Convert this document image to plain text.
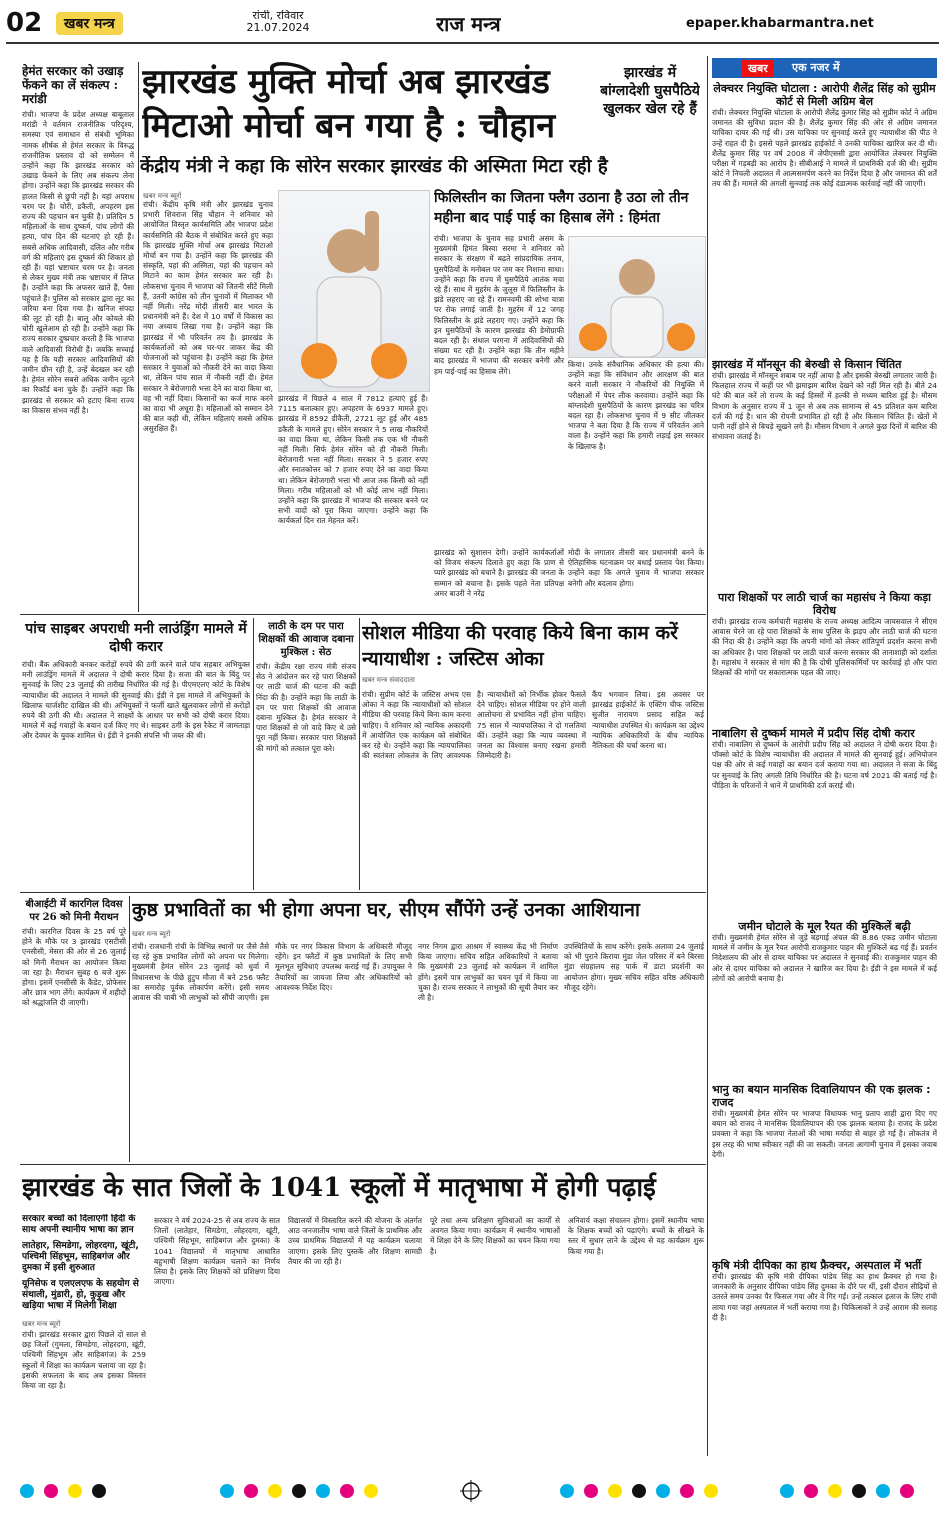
02	खबर मन्त्र
रांची, रविवार
21.07.2024	राज मन्त्र	epaper.khabarmantra.net
हेमंत सरकार को उखाड़ फेंकने का लें संकल्प : मरांडी
रांची। भाजपा के प्रदेश अध्यक्ष बाबूलाल मरांडी ने वर्तमान राजनीतिक परिदृश्य, समस्या एवं समाधान से संबंधी भूमिका नामक शीर्षक से हेमंत सरकार के विरुद्ध राजनीतिक प्रस्ताव दो को सम्मेलन में उन्होंने कहा कि झारखंड सरकार को उखाड़ फेंकने के लिए अब संकल्प लेना होगा। उन्होंने कहा कि झारखंड सरकार की हालत किसी से छुपी नहीं है। यहां अपराध चरम पर है। चोरी, डकैती, अपहरण इस राज्य की पहचान बन चुकी है। प्रतिदिन 5 महिलाओं के साथ दुष्कर्म, पांच लोगों की हत्या, पांच दिन की घटनाएं हो रही हैं। सबसे अधिक आदिवासी, दलित और गरीब वर्ग की महिलाएं इस दुष्कर्म की शिकार हो रही हैं। यहां भ्रष्टाचार चरम पर है। जनता से लेकर मुख्य मंत्री तक भ्रष्टाचार में लिप्त हैं। उन्होंने कहा कि अफसर खाते हैं, पैसा पहुंचाते हैं। पुलिस को सरकार द्वारा लूट का जरिया बना दिया गया है। खनिज संपदा की लूट हो रही है। बालू और कोयले की चोरी खुलेआम हो रही है। उन्होंने कहा कि राज्य सरकार दुष्प्रचार करती है कि भाजपा वाले आदिवासी विरोधी हैं। जबकि सच्चाई यह है कि यही सरकार आदिवासियों की जमीन छीन रही है, उन्हें बेदखल कर रही है। हेमंत सोरेन सबसे अधिक जमीन लूटने का रिकॉर्ड बना चुके हैं। उन्होंने कहा कि झारखंड से सरकार को हटाए बिना राज्य का विकास संभव नहीं है।
झारखंड मुक्ति मोर्चा अब झारखंड मिटाओ मोर्चा बन गया है : चौहान
झारखंड में बांग्लादेशी घुसपैठिये खुलकर खेल रहे हैं
केंद्रीय मंत्री ने कहा कि सोरेन सरकार झारखंड की अस्मिता मिटा रही है
खबर मन्त्र ब्यूरो
रांची। केंद्रीय कृषि मंत्री और झारखंड चुनाव प्रभारी शिवराज सिंह चौहान ने शनिवार को आयोजित विस्तृत कार्यसमिति और भाजपा प्रदेश कार्यसमिति की बैठक में संबोधित करते हुए कहा कि झारखंड मुक्ति मोर्चा अब झारखंड मिटाओ मोर्चा बन गया है। उन्होंने कहा कि झारखंड की संस्कृति, यहां की अस्मिता, यहां की पहचान को मिटाने का काम हेमंत सरकार कर रही है। लोकसभा चुनाव में भाजपा को जितनी सीटें मिली हैं, उतनी कांग्रेस को तीन चुनावों में मिलाकर भी नहीं मिली। नरेंद्र मोदी तीसरी बार भारत के प्रधानमंत्री बने हैं। देश में 10 वर्षों में विकास का नया अध्याय लिखा गया है। उन्होंने कहा कि झारखंड में भी परिवर्तन तय है। झारखंड के कार्यकर्ताओं को अब घर-घर जाकर केंद्र की योजनाओं को पहुंचाना है। उन्होंने कहा कि हेमंत सरकार ने युवाओं को नौकरी देने का वादा किया था, लेकिन पांच साल में नौकरी नहीं दी। हेमंत सरकार ने बेरोजगारी भत्ता देने का वादा किया था, वह भी नहीं दिया। किसानों का कर्ज माफ करने का वादा भी अधूरा है। महिलाओं को सम्मान देने की बात कही थी, लेकिन महिलाएं सबसे अधिक असुरक्षित हैं।
झारखंड में पिछले 4 साल में 7812 हत्याएं हुई हैं। 7115 बलात्कार हुए। अपहरण के 6937 मामले हुए। झारखंड में 8592 डीकैती, 2721 लूट हुई और 485 डकैती के मामले हुए। सोरेन सरकार ने 5 लाख नौकरियों का वादा किया था, लेकिन किसी तक एक भी नौकरी नहीं मिली। सिर्फ हेमंत सोरेन को ही नौकरी मिली। बेरोजगारी भत्ता नहीं मिला। सरकार ने 5 हजार रुपए और स्नातकोत्तर को 7 हजार रुपए देने का वादा किया था। लेकिन बेरोजगारी भत्ता भी आज तक किसी को नहीं मिला। गरीब महिलाओं को भी कोई लाभ नहीं मिला। उन्होंने कहा कि झारखंड में भाजपा की सरकार बनने पर सभी वादों को पूरा किया जाएगा। उन्होंने कहा कि कार्यकर्ता दिन रात मेहनत करें।
फिलिस्तीन का जितना फ्लैग उठाना है उठा लो तीन महीना बाद पाई पाई का हिसाब लेंगे : हिमंता
रांची। भाजपा के चुनाव सह प्रभारी असम के मुख्यमंत्री हिमंत बिस्वा सरमा ने शनिवार को सरकार के संरक्षण में बढ़ते सांप्रदायिक तनाव, घुसपैठियों के मनोबल पर जम कर निशाना साधा। उन्होंने कहा कि राज्य में घुसपैठिये आतंक मचा रहे हैं। साथ में मुहर्रम के जुलूस में फिलिस्तीन के झंडे लहराए जा रहे हैं। रामनवमी की शोभा यात्रा पर रोक लगाई जाती है। मुहर्रम में 12 जगह फिलिस्तीन के झंडे लहराए गए। उन्होंने कहा कि इन घुसपैठियों के कारण झारखंड की डेमोग्राफी बदल रही है। संथाल परगना में आदिवासियों की संख्या घट रही है। उन्होंने कहा कि तीन महीने बाद झारखंड में भाजपा की सरकार बनेगी और हम पाई-पाई का हिसाब लेंगे।
किया। उनके संवैधानिक अधिकार की हत्या की। उन्होंने कहा कि संविधान और आरक्षण की बात करने वाली सरकार ने नौकरियों की नियुक्ति में परीक्षाओं में पेपर लीक करवाया। उन्होंने कहा कि बांग्लादेशी घुसपैठियों के कारण झारखंड का चरित्र बदल रहा है। लोकसभा चुनाव में 9 सीट जीतकर भाजपा ने बता दिया है कि राज्य में परिवर्तन आने वाला है। उन्होंने कहा कि हमारी लड़ाई इस सरकार के खिलाफ है।
झारखंड को सुशासन देगी। उन्होंने कार्यकर्ताओं को विजय संकल्प दिलाते हुए कहा कि प्राण से प्यारे झारखंड को बचाने है। झारखंड की जनता के सम्मान को बचाना है। इसके पहले नेता प्रतिपक्ष अमर बाउरी ने नरेंद्र
मोदी के लगातार तीसरी बार प्रधानमंत्री बनने के ऐतिहासिक घटनाक्रम पर बधाई प्रस्ताव पेश किया। उन्होंने कहा कि अगले चुनाव में भाजपा सरकार बनेगी और बदलाव होगा।
खबर	एक नजर में
लेक्चरर नियुक्ति घोटाला : आरोपी शैलेंद्र सिंह को सुप्रीम कोर्ट से मिली अग्रिम बेल
रांची। लेक्चरर नियुक्ति घोटाला के आरोपी शैलेंद्र कुमार सिंह को सुप्रीम कोर्ट ने अग्रिम जमानत की सुविधा प्रदान की है। शैलेंद्र कुमार सिंह की ओर से अग्रिम जमानत याचिका दायर की गई थी। उस याचिका पर सुनवाई करते हुए न्यायाधीश की पीठ ने उन्हें राहत दी है। इससे पहले झारखंड हाईकोर्ट ने उनकी याचिका खारिज कर दी थी। शैलेंद्र कुमार सिंह पर वर्ष 2008 में जेपीएससी द्वारा आयोजित लेक्चरर नियुक्ति परीक्षा में गड़बड़ी का आरोप है। सीबीआई ने मामले में प्राथमिकी दर्ज की थी। सुप्रीम कोर्ट ने निचली अदालत में आत्मसमर्पण करने का निर्देश दिया है और जमानत की शर्तें तय की हैं। मामले की अगली सुनवाई तक कोई दंडात्मक कार्रवाई नहीं की जाएगी।
झारखंड में मॉनसून की बेरुखी से किसान चिंतित
रांची। झारखंड में मॉनसून शबाब पर नहीं आया है और इसकी बेरुखी लगातार जारी है। फिलहाल राज्य में कहीं पर भी झमाझम बारिश देखने को नहीं मिल रही है। बीते 24 घंटे की बात करें तो राज्य के कई हिस्सों में हल्की से मध्यम बारिश हुई है। मौसम विभाग के अनुसार राज्य में 1 जून से अब तक सामान्य से 45 प्रतिशत कम बारिश दर्ज की गई है। धान की रोपनी प्रभावित हो रही है और किसान चिंतित हैं। खेतों में पानी नहीं होने से बिचड़े सूखने लगे हैं। मौसम विभाग ने अगले कुछ दिनों में बारिश की संभावना जताई है।
पारा शिक्षकों पर लाठी चार्ज का महासंघ ने किया कड़ा विरोध
रांची। झारखंड राज्य कर्मचारी महासंघ के राज्य अध्यक्ष आदित्य जायसवाल ने सीएम आवास घेरने जा रहे पारा शिक्षकों के साथ पुलिस के झड़प और लाठी चार्ज की घटना की निंदा की है। उन्होंने कहा कि अपनी मांगों को लेकर शांतिपूर्ण प्रदर्शन करना सभी का अधिकार है। पारा शिक्षकों पर लाठी चार्ज करना सरकार की तानाशाही को दर्शाता है। महासंघ ने सरकार से मांग की है कि दोषी पुलिसकर्मियों पर कार्रवाई हो और पारा शिक्षकों की मांगों पर सकारात्मक पहल की जाए।
नाबालिग से दुष्कर्म मामले में प्रदीप सिंह दोषी करार
रांची। नाबालिग से दुष्कर्म के आरोपी प्रदीप सिंह को अदालत ने दोषी करार दिया है। पॉक्सो कोर्ट के विशेष न्यायाधीश की अदालत में मामले की सुनवाई हुई। अभियोजन पक्ष की ओर से कई गवाहों का बयान दर्ज कराया गया था। अदालत ने सजा के बिंदु पर सुनवाई के लिए अगली तिथि निर्धारित की है। घटना वर्ष 2021 की बताई गई है। पीड़िता के परिजनों ने थाने में प्राथमिकी दर्ज कराई थी।
जमीन घोटाले के मूल रैयत की मुश्किलें बढ़ी
रांची। मुख्यमंत्री हेमंत सोरेन से जुड़े बड़गाई अंचल की 8.86 एकड़ जमीन घोटाला मामले में जमीन के मूल रैयत आरोपी राजकुमार पाहन की मुश्किलें बढ़ गई हैं। प्रवर्तन निदेशालय की ओर से दायर याचिका पर अदालत ने सुनवाई की। राजकुमार पाहन की ओर से दायर याचिका को अदालत ने खारिज कर दिया है। ईडी ने इस मामले में कई लोगों को आरोपी बनाया है।
भानु का बयान मानसिक दिवालियापन की एक झलक : राजद
रांची। मुख्यमंत्री हेमंत सोरेन पर भाजपा विधायक भानु प्रताप शाही द्वारा दिए गए बयान को राजद ने मानसिक दिवालियापन की एक झलक बताया है। राजद के प्रदेश प्रवक्ता ने कहा कि भाजपा नेताओं की भाषा मर्यादा से बाहर हो गई है। लोकतंत्र में इस तरह की भाषा स्वीकार नहीं की जा सकती। जनता आगामी चुनाव में इसका जवाब देगी।
कृषि मंत्री दीपिका का हाथ फ्रैक्चर, अस्पताल में भर्ती
रांची। झारखंड की कृषि मंत्री दीपिका पांडेय सिंह का हाथ फ्रैक्चर हो गया है। जानकारी के अनुसार दीपिका पांडेय सिंह दुमका के दौरे पर थीं, इसी दौरान सीढ़ियों से उतरते समय उनका पैर फिसल गया और वे गिर गईं। उन्हें तत्काल इलाज के लिए रांची लाया गया जहां अस्पताल में भर्ती कराया गया है। चिकित्सकों ने उन्हें आराम की सलाह दी है।
पांच साइबर अपराधी मनी लाउंड्रिंग मामले में दोषी करार
रांची। बैंक अधिकारी बनकर करोड़ों रुपये की ठगी करने वाले पांच सहबार अभियुक्त मनी लाउंड्रिंग मामले में अदालत ने दोषी करार दिया है। सजा की बात के बिंदु पर सुनवाई के लिए 23 जुलाई की तारीख निर्धारित की गई है। पीएमएलए कोर्ट के विशेष न्यायाधीश की अदालत ने मामले की सुनवाई की। ईडी ने इस मामले में अभियुक्तों के खिलाफ चार्जशीट दाखिल की थी। अभियुक्तों ने फर्जी खाते खुलवाकर लोगों से करोड़ों रुपये की ठगी की थी। अदालत ने साक्ष्यों के आधार पर सभी को दोषी करार दिया। मामले में कई गवाहों के बयान दर्ज किए गए थे। साइबर ठगी के इस रैकेट में जामताड़ा और देवघर के युवक शामिल थे। ईडी ने इनकी संपत्ति भी जब्त की थी।
लाठी के दम पर पारा शिक्षकों की आवाज दबाना मुश्किल : सेठ
रांची। केंद्रीय रक्षा राज्य मंत्री संजय सेठ ने आंदोलन कर रहे पारा शिक्षकों पर लाठी चार्ज की घटना की कड़ी निंदा की है। उन्होंने कहा कि लाठी के दम पर पारा शिक्षकों की आवाज दबाना मुश्किल है। हेमंत सरकार ने पारा शिक्षकों से जो वादे किए थे उसे पूरा नहीं किया। सरकार पारा शिक्षकों की मांगों को तत्काल पूरा करे।
सोशल मीडिया की परवाह किये बिना काम करें न्यायाधीश : जस्टिस ओका
खबर मन्त्र संवाददाता
रांची। सुप्रीम कोर्ट के जस्टिस अभय एस ओका ने कहा कि न्यायाधीशों को सोशल मीडिया की परवाह किये बिना काम करना चाहिए। वे शनिवार को न्यायिक अकादमी में आयोजित एक कार्यक्रम को संबोधित कर रहे थे। उन्होंने कहा कि न्यायपालिका की स्वतंत्रता लोकतंत्र के लिए आवश्यक है। न्यायाधीशों को निर्भीक होकर फैसले देने चाहिए। सोशल मीडिया पर होने वाली आलोचना से प्रभावित नहीं होना चाहिए। 75 साल में न्यायपालिका ने दो गलतियां कीं। उन्होंने कहा कि न्याय व्यवस्था में जनता का विश्वास बनाए रखना हमारी जिम्मेदारी है।
कैंप भगवान लिया। इस अवसर पर झारखंड हाईकोर्ट के एक्टिंग चीफ जस्टिस सुजीत नारायण प्रसाद सहित कई न्यायाधीश उपस्थित थे। कार्यक्रम का उद्देश्य न्यायिक अधिकारियों के बीच न्यायिक नैतिकता की चर्चा करना था।
बीआईटी में कारगिल दिवस पर 26 को मिनी मैराथन
रांची। कारगिल दिवस के 25 वर्ष पूरे होने के मौके पर 3 झारखंड एसटीसी एनसीसी, मेसरा की ओर से 26 जुलाई को मिनी मैराथन का आयोजन किया जा रहा है। मैराथन सुबह 6 बजे शुरू होगा। इसमें एनसीसी के कैडेट, प्रोफेसर और छात्र भाग लेंगे। कार्यक्रम में शहीदों को श्रद्धांजलि दी जाएगी।
कुष्ठ प्रभावितों का भी होगा अपना घर, सीएम सौंपेंगे उन्हें उनका आशियाना
खबर मन्त्र ब्यूरो
रांची। राजधानी रांची के विभिन्न स्थानों पर जैसे तैसे रह रहे कुष्ठ प्रभावित लोगों को अपना घर मिलेगा। मुख्यमंत्री हेमंत सोरेन 23 जुलाई को धुर्वा में विधानसभा के पीछे हुटुप मौजा में बने 256 फ्लैट का समारोह पूर्वक लोकार्पण करेंगे। इसी समय आवास की चाबी भी लाभुकों को सौंपी जाएगी। इस मौके पर नगर विकास विभाग के अधिकारी मौजूद रहेंगे। इन फ्लैटों में कुष्ठ प्रभावितों के लिए सभी मूलभूत सुविधाएं उपलब्ध कराई गई हैं। उपायुक्त ने तैयारियों का जायजा लिया और अधिकारियों को आवश्यक निर्देश दिए।
नगर निगम द्वारा आश्रम में स्वास्थ्य केंद्र भी निर्माण किया जाएगा। सचिव सहित अधिकारियों ने बताया कि मुख्यमंत्री 23 जुलाई को कार्यक्रम में शामिल होंगे। इसमें पात्र लाभुकों का चयन पूर्व में किया जा चुका है। राज्य सरकार ने लाभुकों की सूची तैयार कर ली है।
उपस्थितियों के साथ करेंगे। इसके अलावा 24 जुलाई को भी पुराने किराया मुंडा जेल परिसर में बने बिरसा मुंडा संग्रहालय सह पार्क में डाटा प्रदर्शनी का आयोजन होगा। मुख्य सचिव सहित वरिष्ठ अधिकारी मौजूद रहेंगे।
झारखंड के सात जिलों के 1041 स्कूलों में मातृभाषा में होगी पढ़ाई
सरकार बच्चों को दिलाएगी हिंदी के साथ अपनी स्थानीय भाषा का ज्ञान
लातेहार, सिमडेगा, लोहरदगा, खूंटी, पश्चिमी सिंहभूम, साहिबगंज और दुमका में इसी शुरुआत
यूनिसेफ व एलएलएफ के सहयोग से संथाली, मुंडारी, हो, कुड़ुख और खड़िया भाषा में मिलेगी शिक्षा
खबर मन्त्र ब्यूरो
रांची। झारखंड सरकार द्वारा पिछले दो साल से छह जिलों (गुमला, सिमडेगा, लोहरदगा, खूंटी, पश्चिमी सिंहभूम और साहिबगंज) के 259 स्कूलों में शिक्षा का कार्यक्रम चलाया जा रहा है। इसकी सफलता के बाद अब इसका विस्तार किया जा रहा है।
सरकार ने वर्ष 2024-25 से अब राज्य के सात जिलों (लातेहार, सिमडेगा, लोहरदगा, खूंटी, पश्चिमी सिंहभूम, साहिबगंज और दुमका) के 1041 विद्यालयों में मातृभाषा आधारित बहुभाषी शिक्षण कार्यक्रम चलाने का निर्णय लिया है। इसके लिए शिक्षकों को प्रशिक्षण दिया जाएगा।
विद्यालयों में विस्तारित करने की योजना के अंतर्गत आठ जनजातीय भाषा वाले जिलों के प्राथमिक और उच्च प्राथमिक विद्यालयों में यह कार्यक्रम चलाया जाएगा। इसके लिए पुस्तकें और शिक्षण सामग्री तैयार की जा रही है।
पूरे तथा अन्य प्रशिक्षण सुविधाओं का कार्यों से अवगत किया गया। कार्यक्रम में स्थानीय भाषाओं में शिक्षा देने के लिए शिक्षकों का चयन किया गया है।
अनिवार्य कक्षा संचालन होगा। इसमें स्थानीय भाषा के शिक्षक बच्चों को पढ़ाएंगे। बच्चों के सीखने के स्तर में सुधार लाने के उद्देश्य से यह कार्यक्रम शुरू किया गया है।
